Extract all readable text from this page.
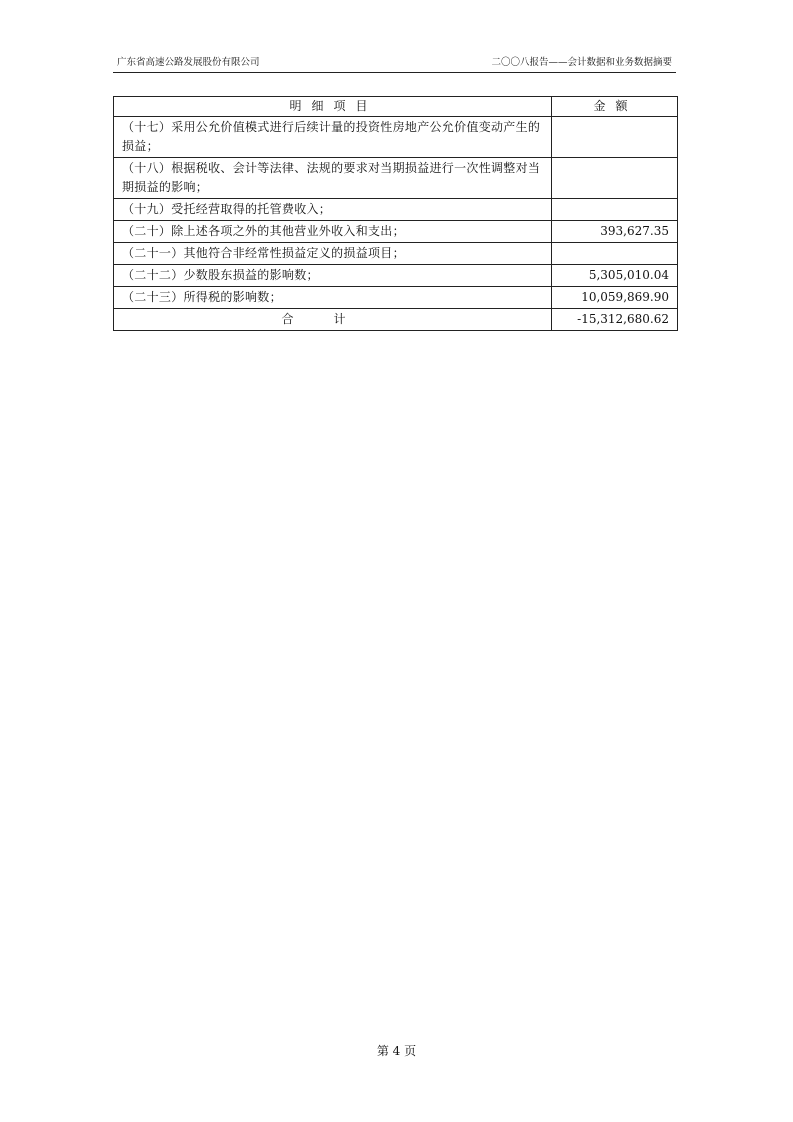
广东省高速公路发展股份有限公司	二〇〇八报告——会计数据和业务数据摘要
明细项目	金额
（十七）采用公允价值模式进行后续计量的投资性房地产公允价值变动产生的损益；	
（十八）根据税收、会计等法律、法规的要求对当期损益进行一次性调整对当期损益的影响；	
（十九）受托经营取得的托管费收入；	
（二十）除上述各项之外的其他营业外收入和支出；	393,627.35
（二十一）其他符合非经常性损益定义的损益项目；	
（二十二）少数股东损益的影响数；	5,305,010.04
（二十三）所得税的影响数；	10,059,869.90
合计	-15,312,680.62
第 4 页
